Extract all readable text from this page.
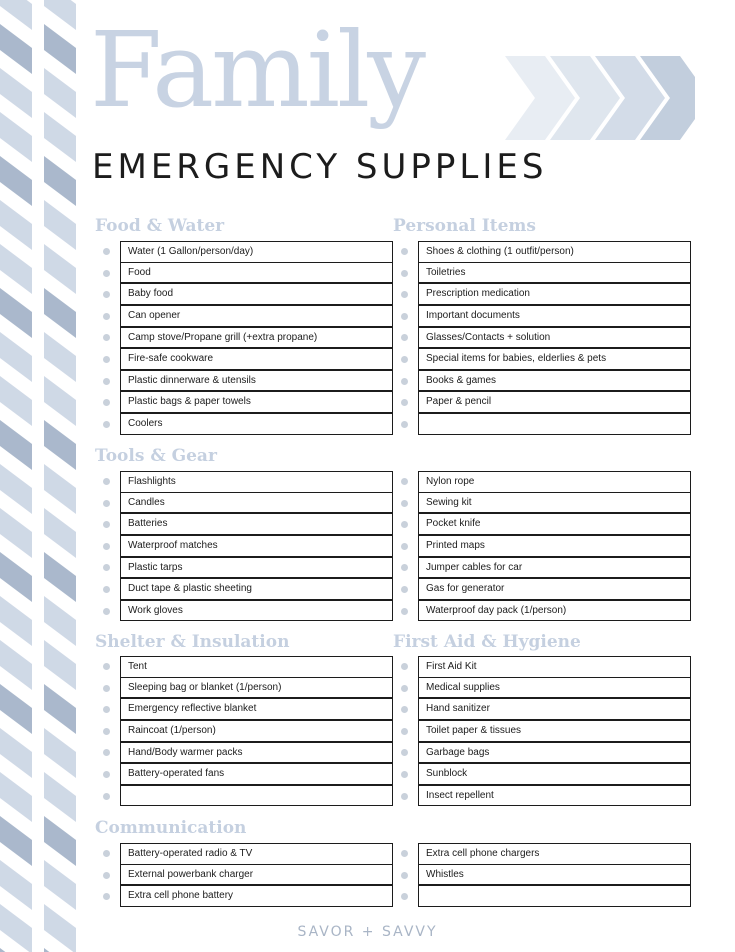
Family
EMERGENCY SUPPLIES
Food & Water
Water (1 Gallon/person/day)
Food
Baby food
Can opener
Camp stove/Propane grill (+extra propane)
Fire-safe cookware
Plastic dinnerware & utensils
Plastic bags & paper towels
Coolers
Personal Items
Shoes & clothing (1 outfit/person)
Toiletries
Prescription medication
Important documents
Glasses/Contacts + solution
Special items for babies, elderlies & pets
Books & games
Paper & pencil
Tools & Gear
Flashlights
Candles
Batteries
Waterproof matches
Plastic tarps
Duct tape & plastic sheeting
Work gloves
Nylon rope
Sewing kit
Pocket knife
Printed maps
Jumper cables for car
Gas for generator
Waterproof day pack (1/person)
Shelter & Insulation
Tent
Sleeping bag or blanket (1/person)
Emergency reflective blanket
Raincoat (1/person)
Hand/Body warmer packs
Battery-operated fans
First Aid & Hygiene
First Aid Kit
Medical supplies
Hand sanitizer
Toilet paper & tissues
Garbage bags
Sunblock
Insect repellent
Communication
Battery-operated radio & TV
External powerbank charger
Extra cell phone battery
Extra cell phone chargers
Whistles
SAVOR + SAVVY
